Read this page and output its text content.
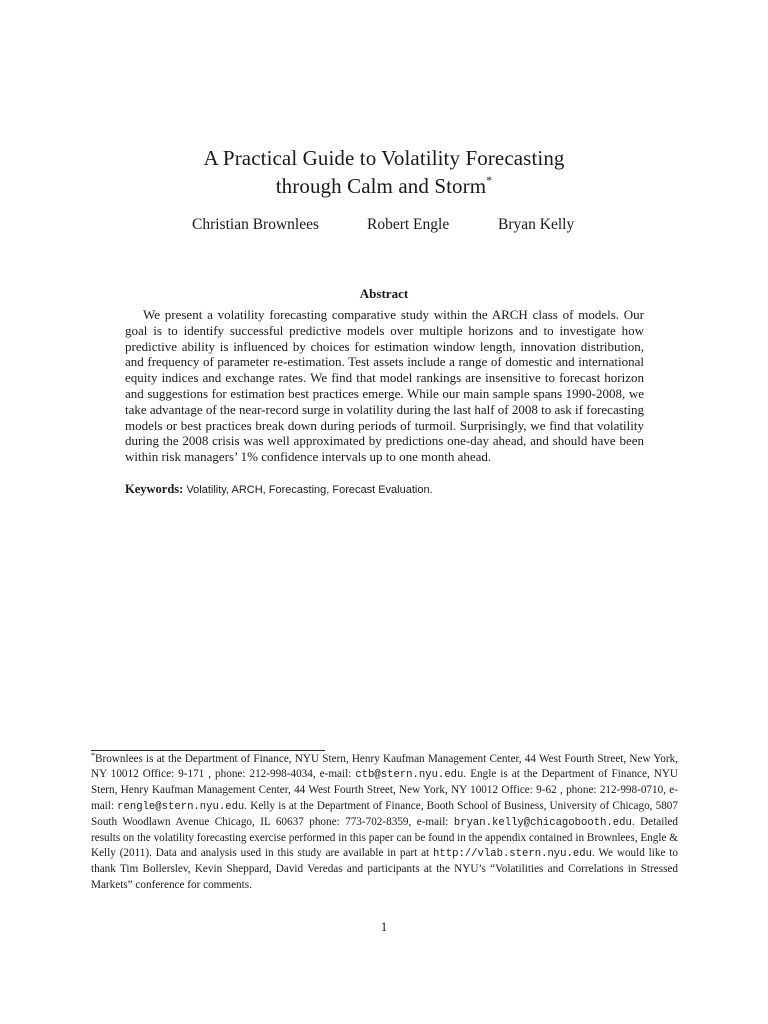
A Practical Guide to Volatility Forecasting
through Calm and Storm*
Christian Brownlees	Robert Engle	Bryan Kelly
Abstract

We present a volatility forecasting comparative study within the ARCH class of models. Our goal is to identify successful predictive models over multiple horizons and to investigate how predictive ability is influenced by choices for estimation window length, innovation distribution, and frequency of parameter re-estimation. Test assets include a range of domestic and international equity indices and exchange rates. We find that model rankings are insensitive to forecast horizon and suggestions for estimation best practices emerge. While our main sample spans 1990-2008, we take advantage of the near-record surge in volatility during the last half of 2008 to ask if forecasting models or best practices break down during periods of turmoil. Surprisingly, we find that volatility during the 2008 crisis was well approximated by predictions one-day ahead, and should have been within risk managers’ 1% confidence intervals up to one month ahead.

Keywords: Volatility, ARCH, Forecasting, Forecast Evaluation.

*Brownlees is at the Department of Finance, NYU Stern, Henry Kaufman Management Center, 44 West Fourth Street, New York, NY 10012 Office: 9-171 , phone: 212-998-4034, e-mail: ctb@stern.nyu.edu. Engle is at the Department of Finance, NYU Stern, Henry Kaufman Management Center, 44 West Fourth Street, New York, NY 10012 Office: 9-62 , phone: 212-998-0710, e-mail: rengle@stern.nyu.edu. Kelly is at the Department of Finance, Booth School of Business, University of Chicago, 5807 South Woodlawn Avenue Chicago, IL 60637 phone: 773-702-8359, e-mail: bryan.kelly@chicagobooth.edu. Detailed results on the volatility forecasting exercise performed in this paper can be found in the appendix contained in Brownlees, Engle & Kelly (2011). Data and analysis used in this study are available in part at http://vlab.stern.nyu.edu. We would like to thank Tim Bollerslev, Kevin Sheppard, David Veredas and participants at the NYU’s “Volatilities and Correlations in Stressed Markets” conference for comments.

1
